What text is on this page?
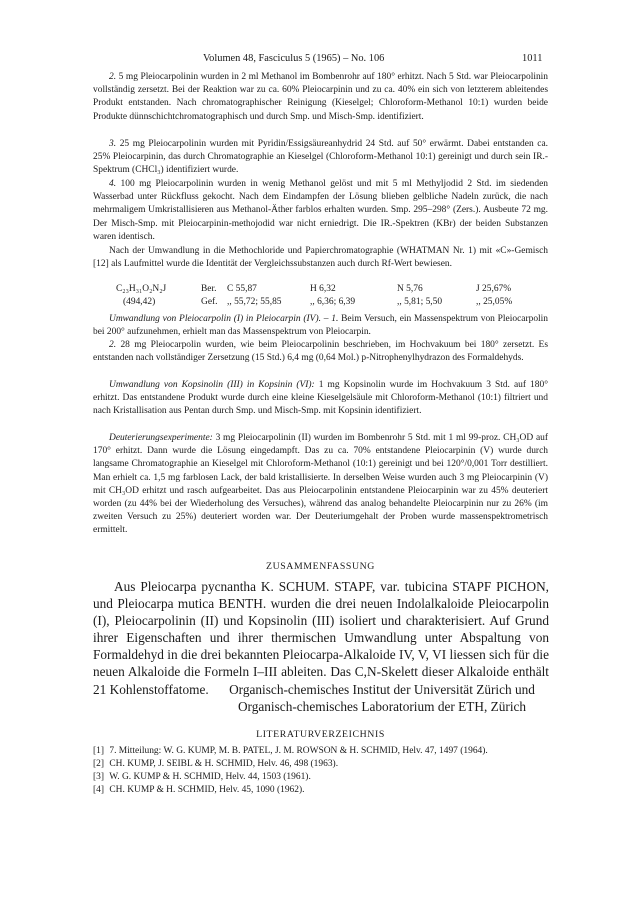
Volumen 48, Fasciculus 5 (1965) – No. 106	1011

2. 5 mg Pleiocarpolinin wurden in 2 ml Methanol im Bombenrohr auf 180° erhitzt. Nach 5 Std. war Pleiocarpolinin vollständig zersetzt. Bei der Reaktion war zu ca. 60% Pleiocarpinin und zu ca. 40% ein sich von letzterem ableitendes Produkt entstanden. Nach chromatographischer Reinigung (Kieselgel; Chloroform-Methanol 10:1) wurden beide Produkte dünnschichtchromatographisch und durch Smp. und Misch-Smp. identifiziert.

3. 25 mg Pleiocarpolinin wurden mit Pyridin/Essigsäureanhydrid 24 Std. auf 50° erwärmt. Dabei entstanden ca. 25% Pleiocarpinin, das durch Chromatographie an Kieselgel (Chloroform-Methanol 10:1) gereinigt und durch sein IR.-Spektrum (CHCl₃) identifiziert wurde.

4. 100 mg Pleiocarpolinin wurden in wenig Methanol gelöst und mit 5 ml Methyljodid 2 Std. im siedenden Wasserbad unter Rückfluss gekocht. Nach dem Eindampfen der Lösung blieben gelbliche Nadeln zurück, die nach mehrmaligem Umkristallisieren aus Methanol-Äther farblos erhalten wurden. Smp. 295–298° (Zers.). Ausbeute 72 mg. Der Misch-Smp. mit Pleiocarpinin-methojodid war nicht erniedrigt. Die IR.-Spektren (KBr) der beiden Substanzen waren identisch.

Nach der Umwandlung in die Methochloride und Papierchromatographie (WHATMAN Nr. 1) mit «C»-Gemisch [12] als Laufmittel wurde die Identität der Vergleichssubstanzen auch durch Rf-Wert bewiesen.

C₂₃H₃₁O₂N₂J	Ber. C 55,87	H 6,32	N 5,76	J 25,67%
(494,42)	Gef. ,, 55,72; 55,85	,, 6,36; 6,39	,, 5,81; 5,50	,, 25,05%

Umwandlung von Pleiocarpolin (I) in Pleiocarpin (IV). – 1. Beim Versuch, ein Massenspektrum von Pleiocarpolin bei 200° aufzunehmen, erhielt man das Massenspektrum von Pleiocarpin.

2. 28 mg Pleiocarpolin wurden, wie beim Pleiocarpolinin beschrieben, im Hochvakuum bei 180° zersetzt. Es entstanden nach vollständiger Zersetzung (15 Std.) 6,4 mg (0,64 Mol.) p-Nitrophenylhydrazon des Formaldehyds.

Umwandlung von Kopsinolin (III) in Kopsinin (VI): 1 mg Kopsinolin wurde im Hochvakuum 3 Std. auf 180° erhitzt. Das entstandene Produkt wurde durch eine kleine Kieselgelsäule mit Chloroform-Methanol (10:1) filtriert und nach Kristallisation aus Pentan durch Smp. und Misch-Smp. mit Kopsinin identifiziert.

Deuterierungsexperimente: 3 mg Pleiocarpolinin (II) wurden im Bombenrohr 5 Std. mit 1 ml 99-proz. CH₃OD auf 170° erhitzt. Dann wurde die Lösung eingedampft. Das zu ca. 70% entstandene Pleiocarpinin (V) wurde durch langsame Chromatographie an Kieselgel mit Chloroform-Methanol (10:1) gereinigt und bei 120°/0,001 Torr destilliert. Man erhielt ca. 1,5 mg farblosen Lack, der bald kristallisierte. In derselben Weise wurden auch 3 mg Pleiocarpinin (V) mit CH₃OD erhitzt und rasch aufgearbeitet. Das aus Pleiocarpolinin entstandene Pleiocarpinin war zu 45% deuteriert worden (zu 44% bei der Wiederholung des Versuches), während das analog behandelte Pleiocarpinin nur zu 26% (im zweiten Versuch zu 25%) deuteriert worden war. Der Deuteriumgehalt der Proben wurde massenspektrometrisch ermittelt.

ZUSAMMENFASSUNG

Aus Pleiocarpa pycnantha K. SCHUM. STAPF, var. tubicina STAPF PICHON, und Pleiocarpa mutica BENTH. wurden die drei neuen Indolalkaloide Pleiocarpolin (I), Pleiocarpolinin (II) und Kopsinolin (III) isoliert und charakterisiert. Auf Grund ihrer Eigenschaften und ihrer thermischen Umwandlung unter Abspaltung von Formaldehyd in die drei bekannten Pleiocarpa-Alkaloide IV, V, VI liessen sich für die neuen Alkaloide die Formeln I–III ableiten. Das C,N-Skelett dieser Alkaloide enthält 21 Kohlenstoffatome.	Organisch-chemisches Institut der Universität Zürich und
Organisch-chemisches Laboratorium der ETH, Zürich
LITERATURVERZEICHNIS
[1] 7. Mitteilung: W. G. KUMP, M. B. PATEL, J. M. ROWSON & H. SCHMID, Helv. 47, 1497 (1964).
[2] CH. KUMP, J. SEIBL & H. SCHMID, Helv. 46, 498 (1963).
[3] W. G. KUMP & H. SCHMID, Helv. 44, 1503 (1961).
[4] CH. KUMP & H. SCHMID, Helv. 45, 1090 (1962).
